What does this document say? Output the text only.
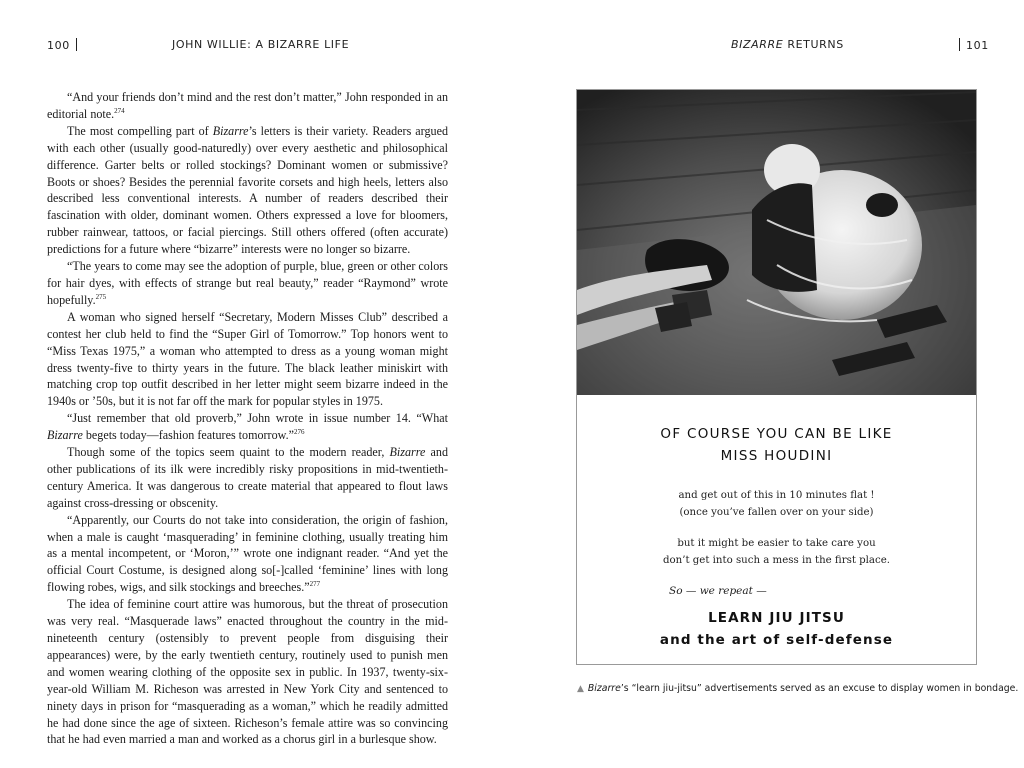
100	JOHN WILLIE: A BIZARRE LIFE	BIZARRE RETURNS	101

“And your friends don’t mind and the rest don’t matter,” John responded in an editorial note.$^{274}$

The most compelling part of Bizarre’s letters is their variety. Readers argued with each other (usually good-naturedly) over every aesthetic and philosophical difference. Garter belts or rolled stockings? Dominant women or submissive? Boots or shoes? Besides the perennial favorite corsets and high heels, letters also described less conventional interests. A number of readers described their fascination with older, dominant women. Others expressed a love for bloomers, rubber rainwear, tattoos, or facial piercings. Still others offered (often accurate) predictions for a future where “bizarre” interests were no longer so bizarre.

“The years to come may see the adoption of purple, blue, green or other colors for hair dyes, with effects of strange but real beauty,” reader “Raymond” wrote hopefully.$^{275}$

A woman who signed herself “Secretary, Modern Misses Club” described a contest her club held to find the “Super Girl of Tomorrow.” Top honors went to “Miss Texas 1975,” a woman who attempted to dress as a young woman might dress twenty-five to thirty years in the future. The black leather miniskirt with matching crop top outfit described in her letter might seem bizarre indeed in the 1940s or ’50s, but it is not far off the mark for popular styles in 1975.

“Just remember that old proverb,” John wrote in issue number 14. “What Bizarre begets today—fashion features tomorrow.”$^{276}$

Though some of the topics seem quaint to the modern reader, Bizarre and other publications of its ilk were incredibly risky propositions in mid-twentieth-century America. It was dangerous to create material that appeared to flout laws against cross-dressing or obscenity.

“Apparently, our Courts do not take into consideration, the origin of fashion, when a male is caught ‘masquerading’ in feminine clothing, usually treating him as a mental incompetent, or ‘Moron,’” wrote one indignant reader. “And yet the official Court Costume, is designed along so[-]called ‘feminine’ lines with long flowing robes, wigs, and silk stockings and breeches.”$^{277}$

The idea of feminine court attire was humorous, but the threat of prosecution was very real. “Masquerade laws” enacted throughout the country in the mid-nineteenth century (ostensibly to prevent people from disguising their appearances) were, by the early twentieth century, routinely used to punish men and women wearing clothing of the opposite sex in public. In 1937, twenty-six-year-old William M. Richeson was arrested in New York City and sentenced to ninety days in prison for “masquerading as a woman,” which he readily admitted he had done since the age of sixteen. Richeson’s female attire was so convincing that he had even married a man and worked as a chorus girl in a burlesque show.

OF COURSE YOU CAN BE LIKE
MISS HOUDINI
and get out of this in 10 minutes flat !
(once you’ve fallen over on your side)
but it might be easier to take care you
don’t get into such a mess in the first place.
So — we repeat —
LEARN JIU JITSU
and the art of self-defense
▲ Bizarre’s “learn jiu-jitsu” advertisements served as an excuse to display women in bondage.
